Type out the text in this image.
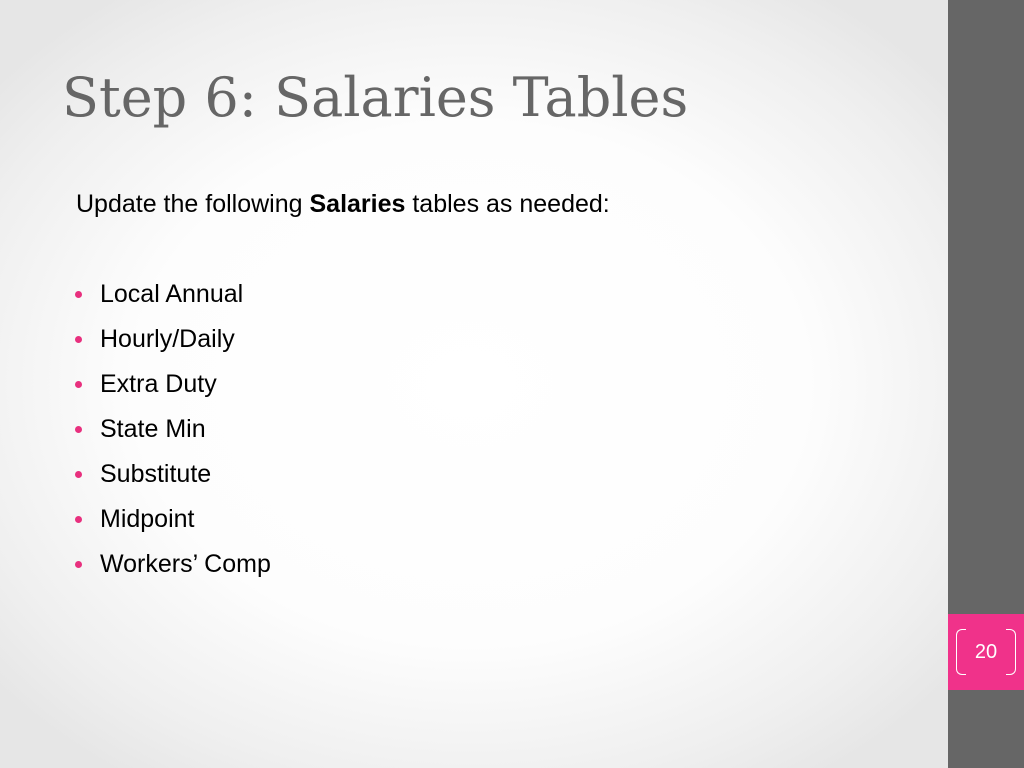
Step 6: Salaries Tables

Update the following Salaries tables as needed:

Local Annual
Hourly/Daily
Extra Duty
State Min
Substitute
Midpoint
Workers’ Comp
20
